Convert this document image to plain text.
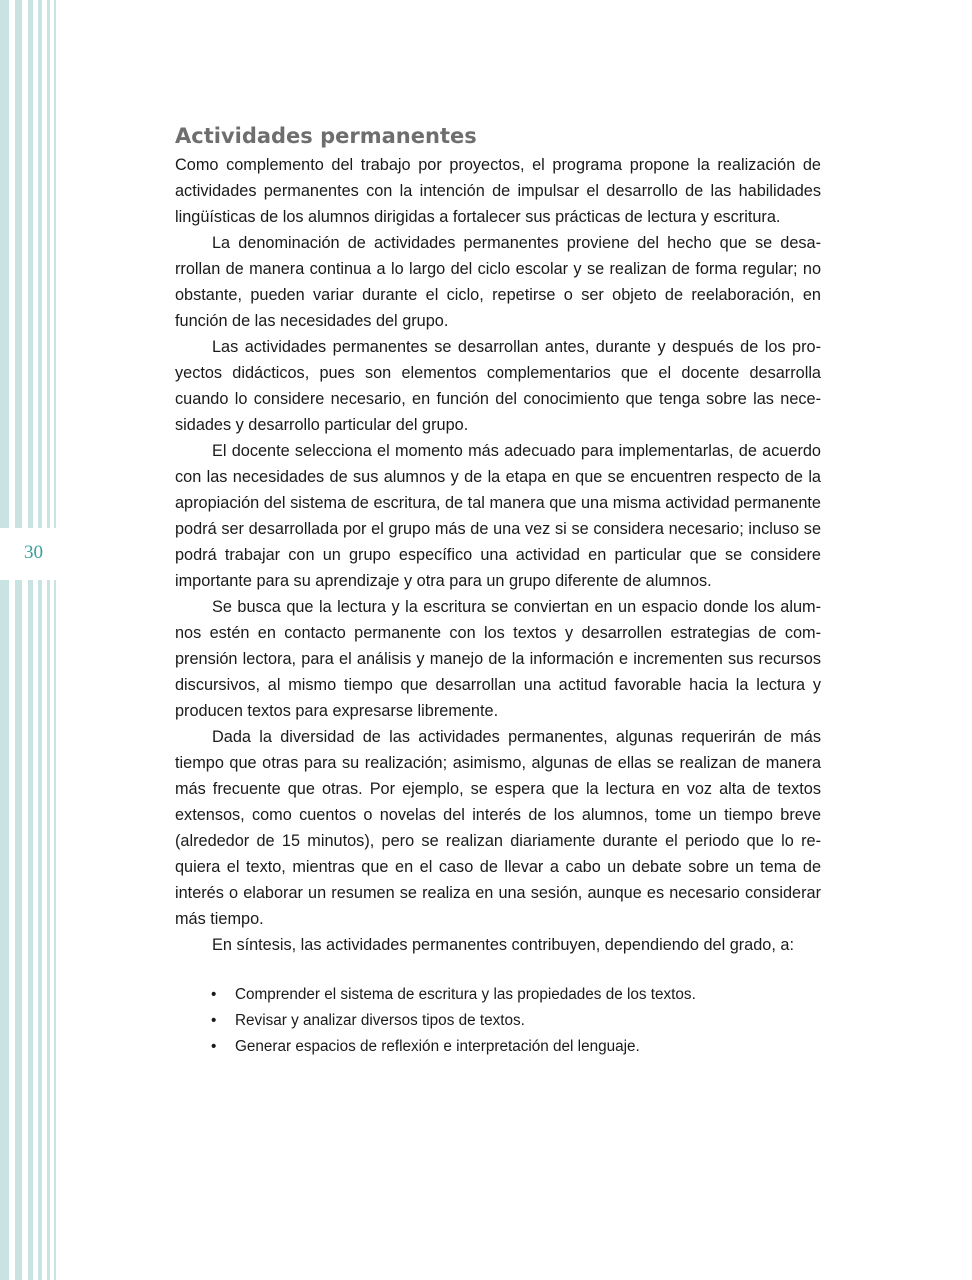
30
Actividades permanentes

Como complemento del trabajo por proyectos, el programa propone la realización de actividades permanentes con la intención de impulsar el desarrollo de las habilidades lingüísticas de los alumnos dirigidas a fortalecer sus prácticas de lectura y escritura.

La denominación de actividades permanentes proviene del hecho que se desarrollan de manera continua a lo largo del ciclo escolar y se realizan de forma regular; no obstante, pueden variar durante el ciclo, repetirse o ser objeto de reelaboración, en función de las necesidades del grupo.

Las actividades permanentes se desarrollan antes, durante y después de los proyectos didácticos, pues son elementos complementarios que el docente desarrolla cuando lo considere necesario, en función del conocimiento que tenga sobre las necesidades y desarrollo particular del grupo.

El docente selecciona el momento más adecuado para implementarlas, de acuerdo con las necesidades de sus alumnos y de la etapa en que se encuentren respecto de la apropiación del sistema de escritura, de tal manera que una misma actividad permanente podrá ser desarrollada por el grupo más de una vez si se considera necesario; incluso se podrá trabajar con un grupo específico una actividad en particular que se considere importante para su aprendizaje y otra para un grupo diferente de alumnos.

Se busca que la lectura y la escritura se conviertan en un espacio donde los alumnos estén en contacto permanente con los textos y desarrollen estrategias de comprensión lectora, para el análisis y manejo de la información e incrementen sus recursos discursivos, al mismo tiempo que desarrollan una actitud favorable hacia la lectura y producen textos para expresarse libremente.

Dada la diversidad de las actividades permanentes, algunas requerirán de más tiempo que otras para su realización; asimismo, algunas de ellas se realizan de manera más frecuente que otras. Por ejemplo, se espera que la lectura en voz alta de textos extensos, como cuentos o novelas del interés de los alumnos, tome un tiempo breve (alrededor de 15 minutos), pero se realizan diariamente durante el periodo que lo requiera el texto, mientras que en el caso de llevar a cabo un debate sobre un tema de interés o elaborar un resumen se realiza en una sesión, aunque es necesario considerar más tiempo.

En síntesis, las actividades permanentes contribuyen, dependiendo del grado, a:

• Comprender el sistema de escritura y las propiedades de los textos.
• Revisar y analizar diversos tipos de textos.
• Generar espacios de reflexión e interpretación del lenguaje.
